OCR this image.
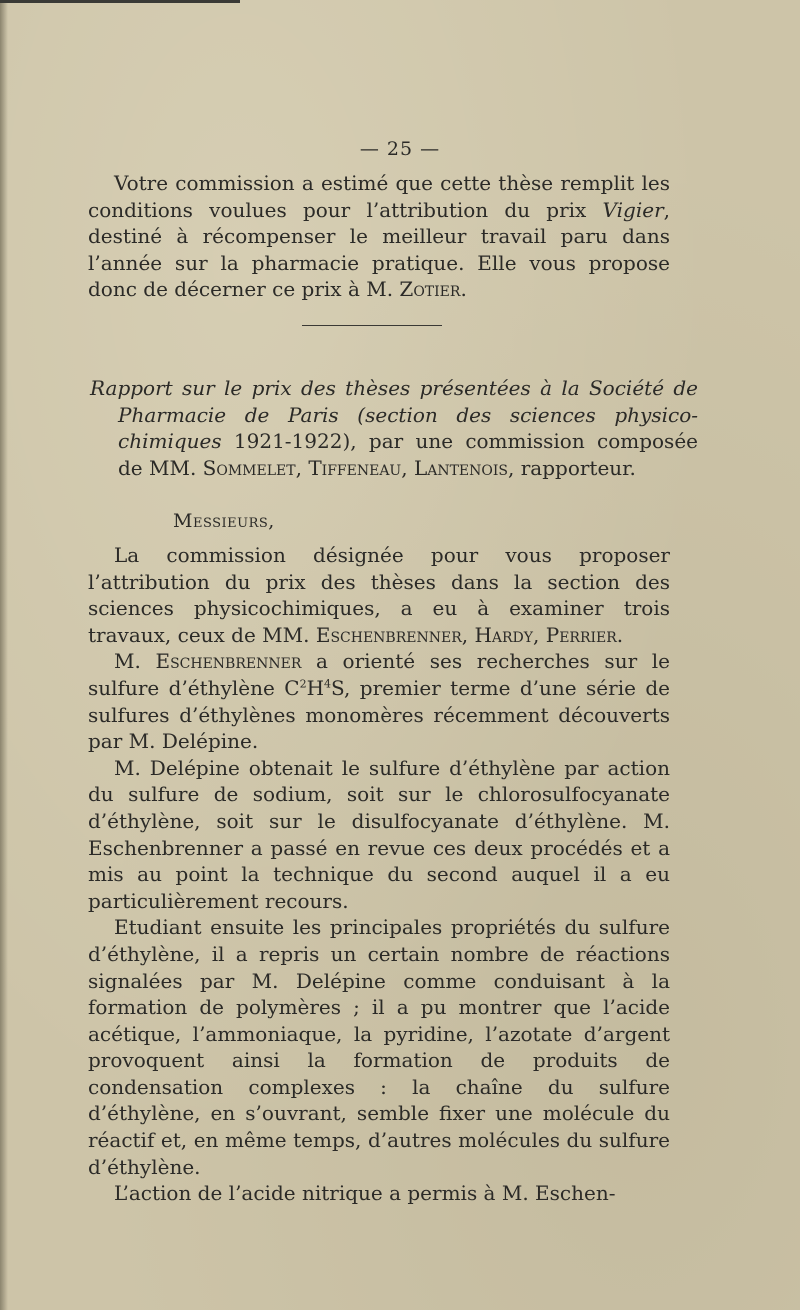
— 25 —

Votre commission a estimé que cette thèse remplit les conditions voulues pour l’attribution du prix Vigier, destiné à récompenser le meilleur travail paru dans l’année sur la pharmacie pratique. Elle vous propose donc de décerner ce prix à M. Zotier.

Rapport sur le prix des thèses présentées à la Société de Pharmacie de Paris (section des sciences physico-chimiques 1921-1922), par une commission composée de MM. Sommelet, Tiffeneau, Lantenois, rapporteur.
Messieurs,

La commission désignée pour vous proposer l’attribution du prix des thèses dans la section des sciences physicochimiques, a eu à examiner trois travaux, ceux de MM. Eschenbrenner, Hardy, Perrier.

M. Eschenbrenner a orienté ses recherches sur le sulfure d’éthylène $C^2H^4S$, premier terme d’une série de sulfures d’éthylènes monomères récemment découverts par M. Delépine.

M. Delépine obtenait le sulfure d’éthylène par action du sulfure de sodium, soit sur le chlorosulfocyanate d’éthylène, soit sur le disulfocyanate d’éthylène. M. Eschenbrenner a passé en revue ces deux procédés et a mis au point la technique du second auquel il a eu particulièrement recours.

Etudiant ensuite les principales propriétés du sulfure d’éthylène, il a repris un certain nombre de réactions signalées par M. Delépine comme conduisant à la formation de polymères ; il a pu montrer que l’acide acétique, l’ammoniaque, la pyridine, l’azotate d’argent provoquent ainsi la formation de produits de condensation complexes : la chaîne du sulfure d’éthylène, en s’ouvrant, semble fixer une molécule du réactif et, en même temps, d’autres molécules du sulfure d’éthylène.

L’action de l’acide nitrique a permis à M. Eschen-
